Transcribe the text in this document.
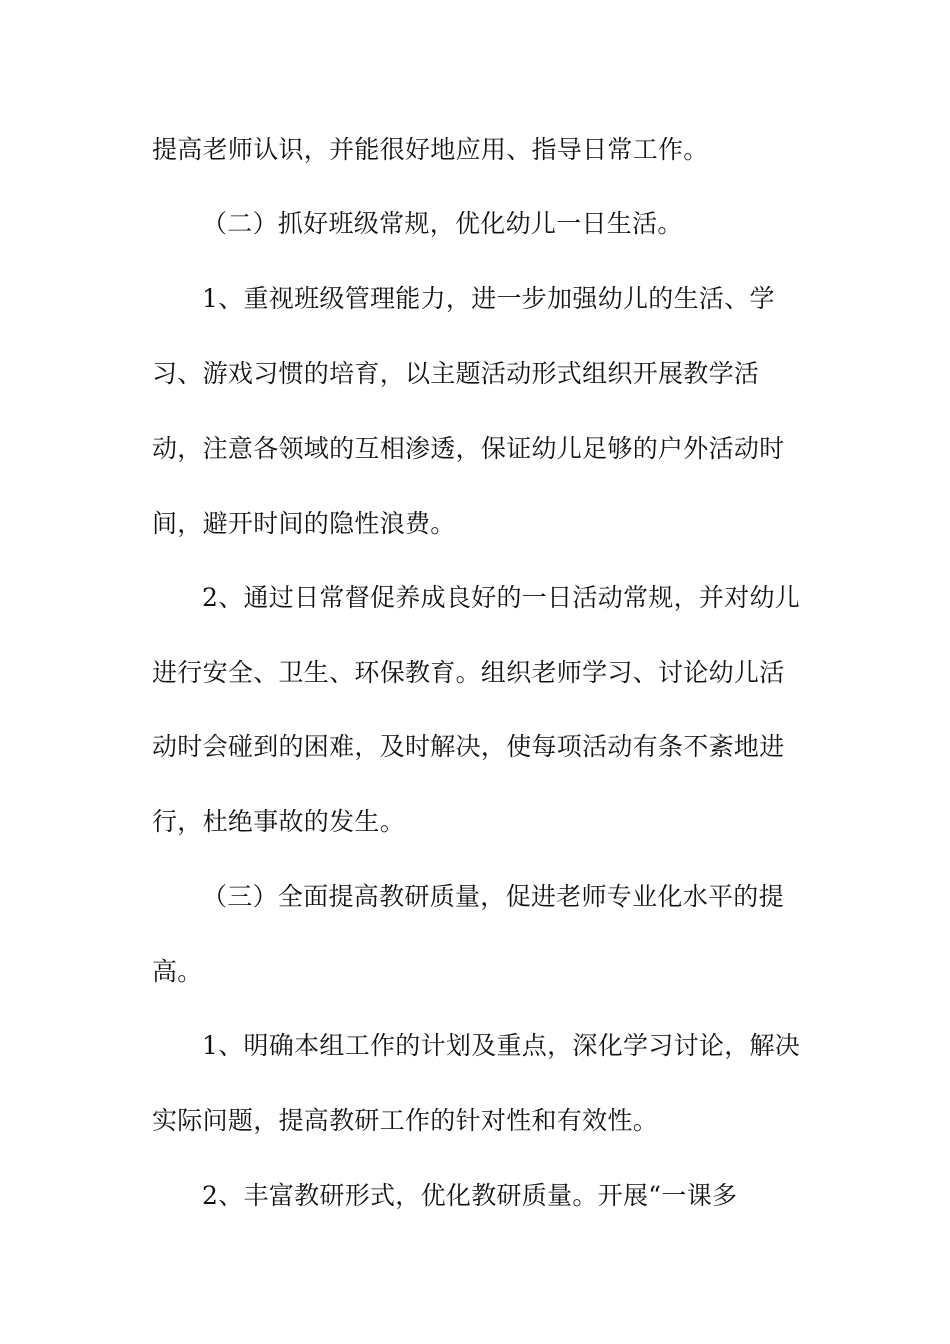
提高老师认识，并能很好地应用、指导日常工作。

（二）抓好班级常规，优化幼儿一日生活。

1、重视班级管理能力，进一步加强幼儿的生活、学

习、游戏习惯的培育，以主题活动形式组织开展教学活

动，注意各领域的互相渗透，保证幼儿足够的户外活动时

间，避开时间的隐性浪费。

2、通过日常督促养成良好的一日活动常规，并对幼儿

进行安全、卫生、环保教育。组织老师学习、讨论幼儿活

动时会碰到的困难，及时解决，使每项活动有条不紊地进

行，杜绝事故的发生。

（三）全面提高教研质量，促进老师专业化水平的提

高。

1、明确本组工作的计划及重点，深化学习讨论，解决

实际问题，提高教研工作的针对性和有效性。

2、丰富教研形式，优化教研质量。开展“一课多
